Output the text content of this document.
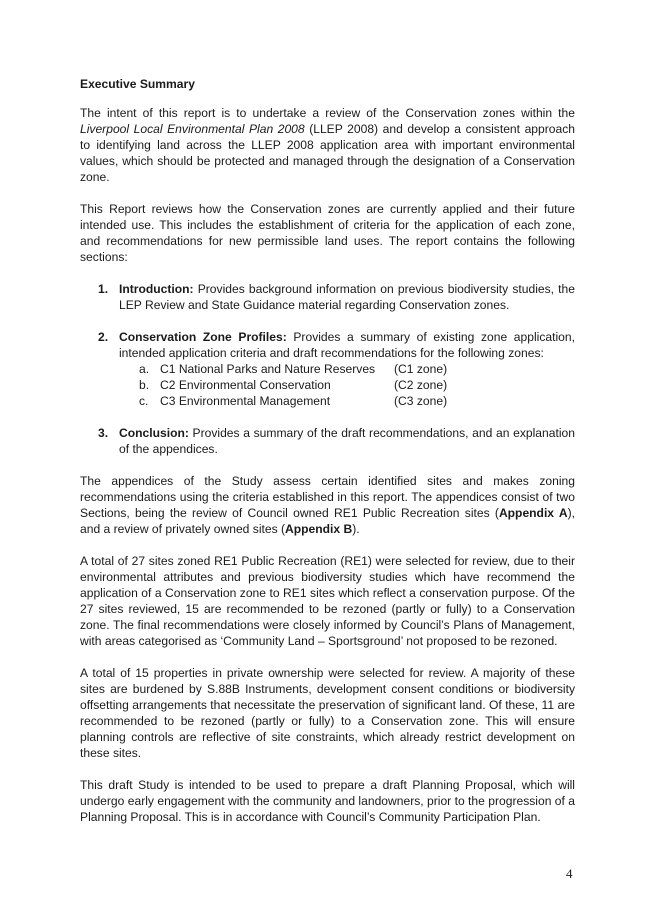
Executive Summary

The intent of this report is to undertake a review of the Conservation zones within the Liverpool Local Environmental Plan 2008 (LLEP 2008) and develop a consistent approach to identifying land across the LLEP 2008 application area with important environmental values, which should be protected and managed through the designation of a Conservation zone.

This Report reviews how the Conservation zones are currently applied and their future intended use. This includes the establishment of criteria for the application of each zone, and recommendations for new permissible land uses. The report contains the following sections:

1. Introduction: Provides background information on previous biodiversity studies, the LEP Review and State Guidance material regarding Conservation zones.
2. Conservation Zone Profiles: Provides a summary of existing zone application, intended application criteria and draft recommendations for the following zones:
a. C1 National Parks and Nature Reserves	(C1 zone)
b. C2 Environmental Conservation	(C2 zone)
c. C3 Environmental Management	(C3 zone)
3. Conclusion: Provides a summary of the draft recommendations, and an explanation of the appendices.

The appendices of the Study assess certain identified sites and makes zoning recommendations using the criteria established in this report. The appendices consist of two Sections, being the review of Council owned RE1 Public Recreation sites (Appendix A), and a review of privately owned sites (Appendix B).

A total of 27 sites zoned RE1 Public Recreation (RE1) were selected for review, due to their environmental attributes and previous biodiversity studies which have recommend the application of a Conservation zone to RE1 sites which reflect a conservation purpose. Of the 27 sites reviewed, 15 are recommended to be rezoned (partly or fully) to a Conservation zone. The final recommendations were closely informed by Council’s Plans of Management, with areas categorised as ‘Community Land – Sportsground’ not proposed to be rezoned.

A total of 15 properties in private ownership were selected for review. A majority of these sites are burdened by S.88B Instruments, development consent conditions or biodiversity offsetting arrangements that necessitate the preservation of significant land. Of these, 11 are recommended to be rezoned (partly or fully) to a Conservation zone. This will ensure planning controls are reflective of site constraints, which already restrict development on these sites.

This draft Study is intended to be used to prepare a draft Planning Proposal, which will undergo early engagement with the community and landowners, prior to the progression of a Planning Proposal. This is in accordance with Council’s Community Participation Plan.

4
